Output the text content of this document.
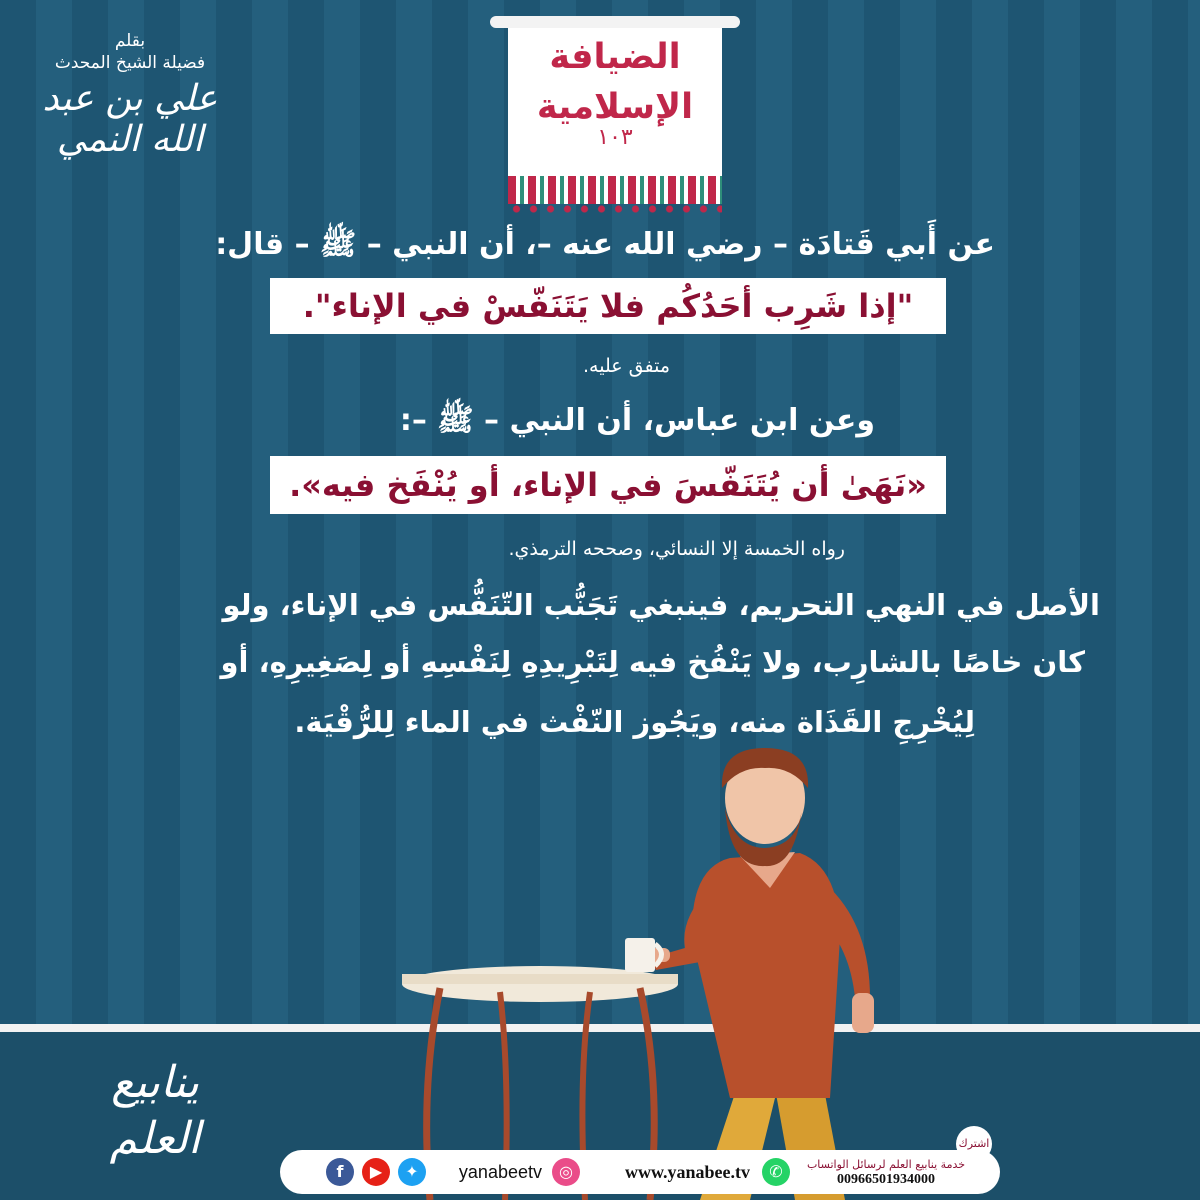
بقلم
فضيلة الشيخ المحدث
علي بن عبد الله النمي
الضيافة
الإسلامية
١٠٣
عن أَبي قَتادَة – رضي الله عنه –، أن النبي – ﷺ – قال:
"إذا شَرِب أحَدُكُم فلا يَتَنَفّسْ في الإناء".
متفق عليه.
وعن ابن عباس، أن النبي – ﷺ –:
«نَهَىٰ أن يُتَنَفّسَ في الإناء، أو يُنْفَخ فيه».
رواه الخمسة إلا النسائي، وصححه الترمذي.
الأصل في النهي التحريم، فينبغي تَجَنُّب التّنَفُّس في الإناء، ولو
كان خاصًا بالشارِب، ولا يَنْفُخ فيه لِتَبْرِيدِهِ لِنَفْسِهِ أو لِصَغِيرِهِ، أو
لِيُخْرِجِ القَذَاة منه، ويَجُوز النّفْث في الماء لِلرُّقْيَة.
ينابيع العلم	اشترك
خدمة ينابيع العلم لرسائل الواتساب
00966501934000
✆
www.yanabee.tv
◎
yanabeetv
✦
▶
f
